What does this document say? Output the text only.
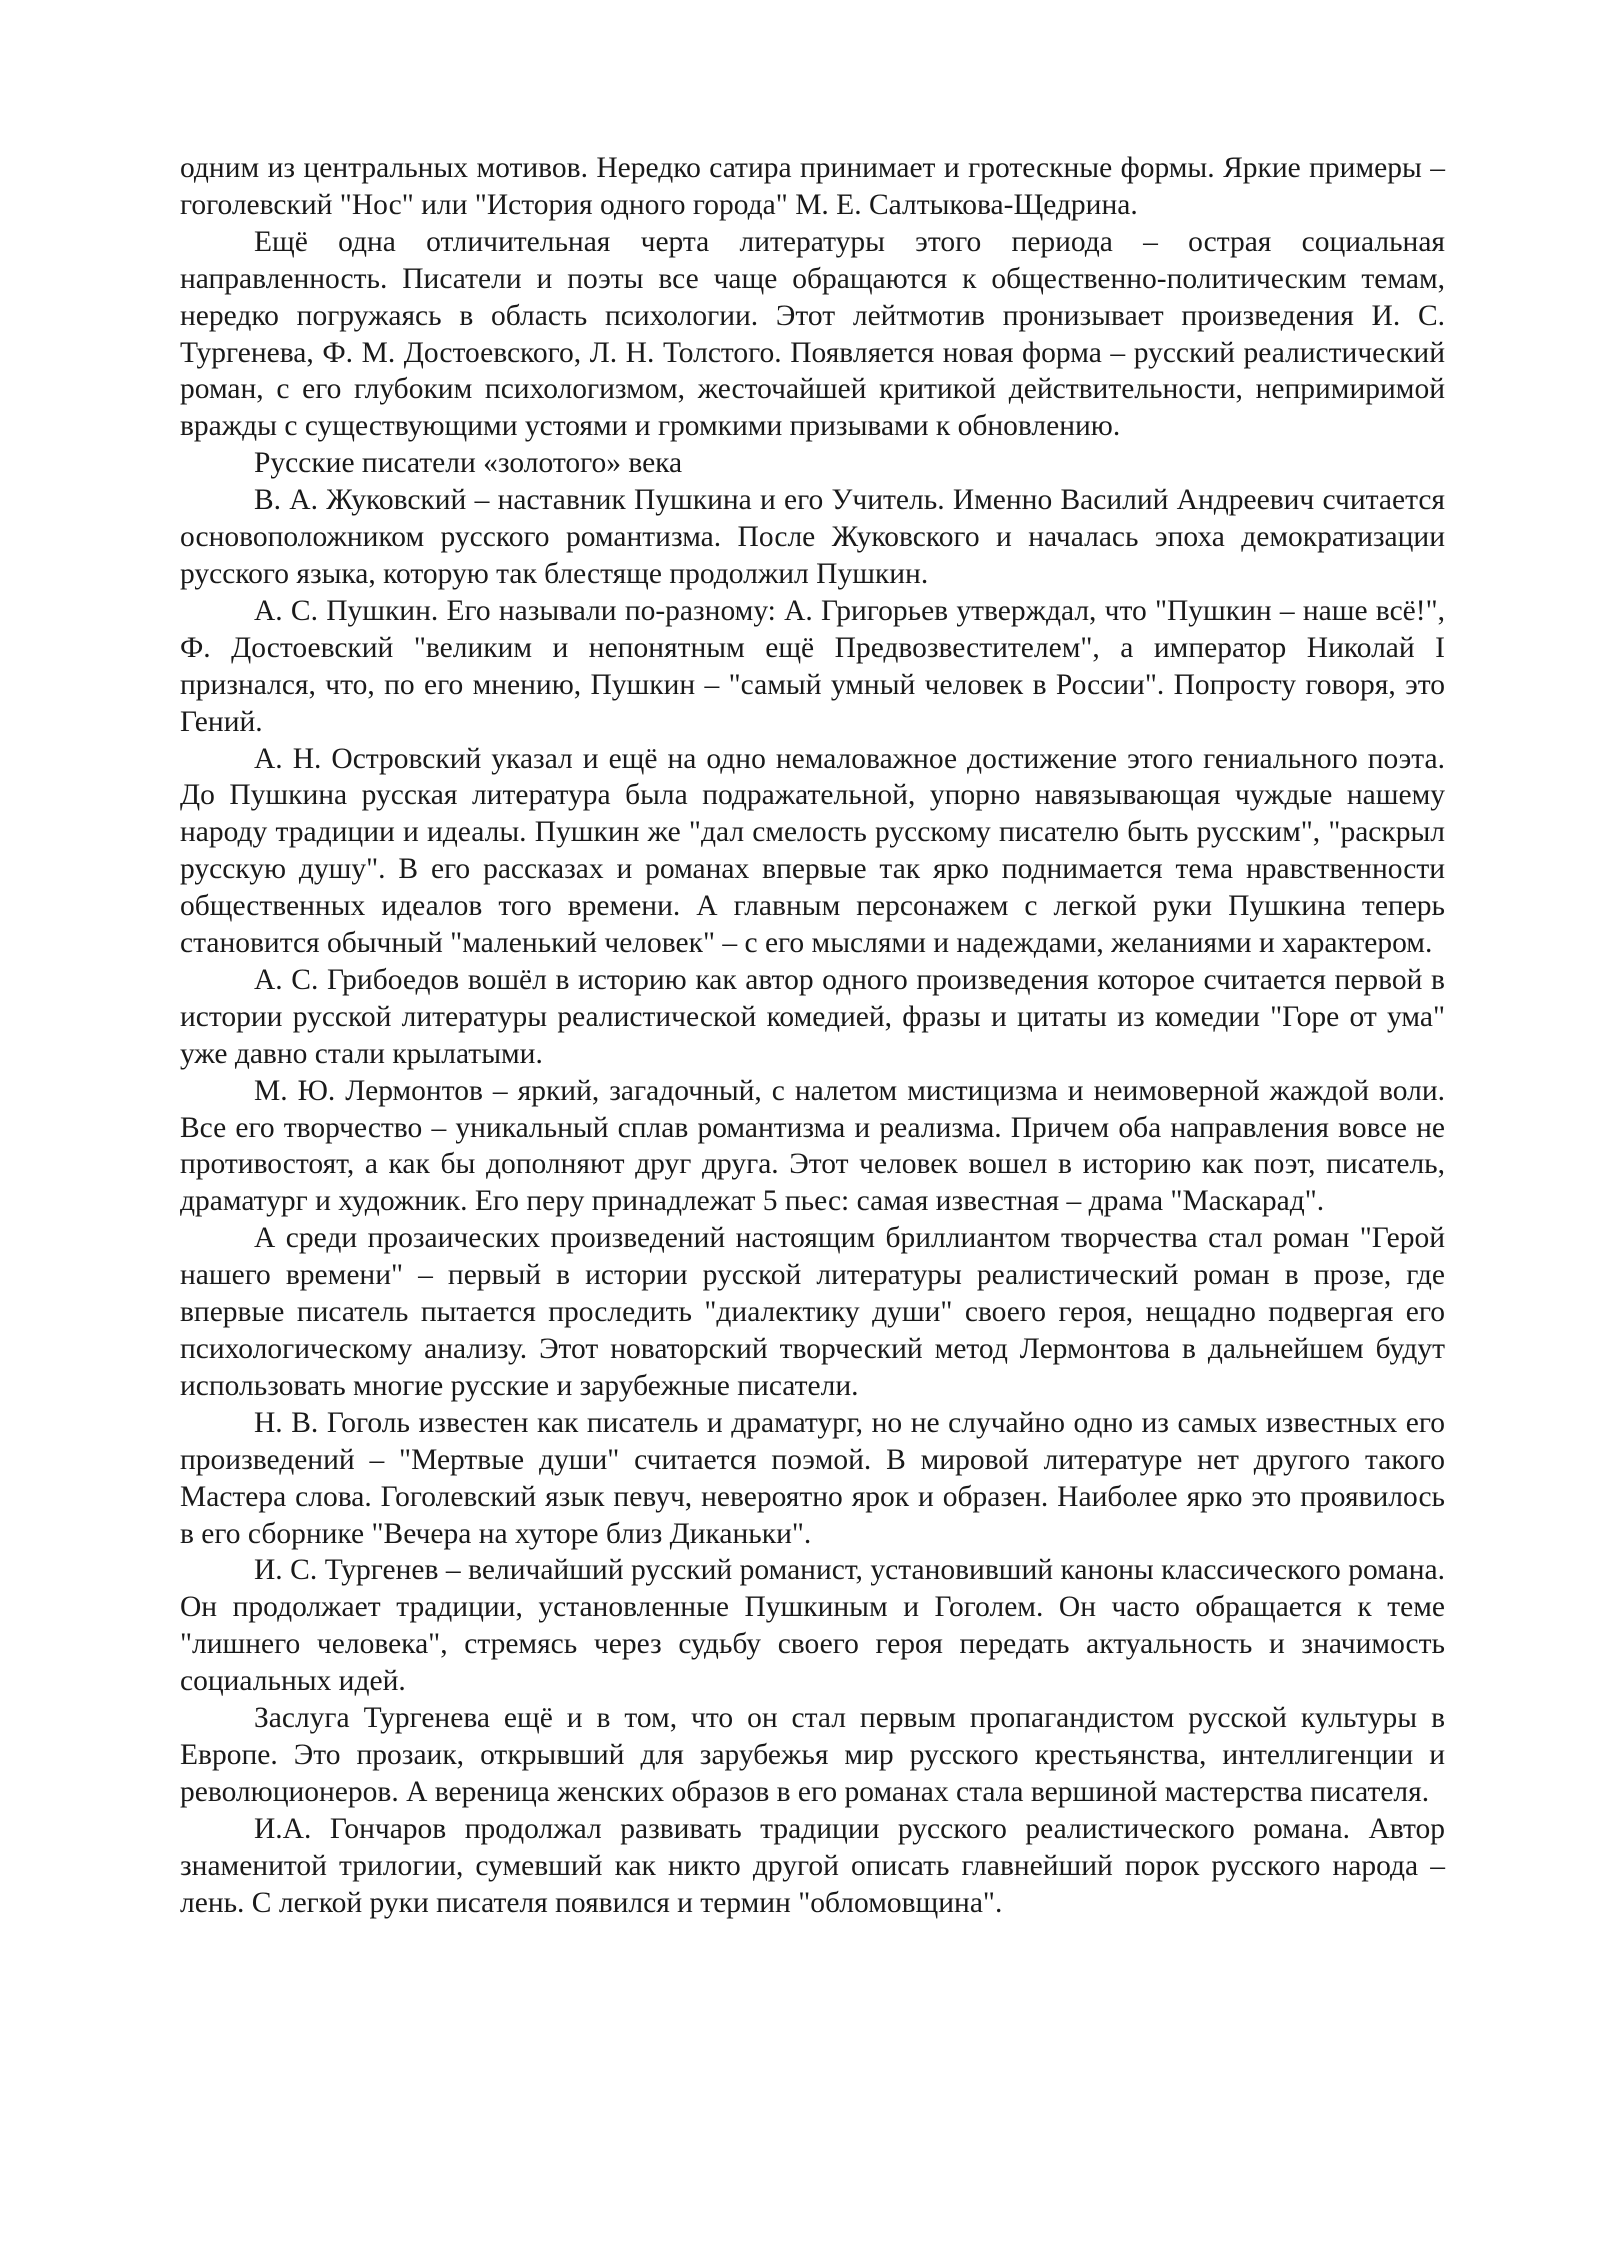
одним из центральных мотивов. Нередко сатира принимает и гротескные формы. Яркие примеры – гоголевский "Нос" или "История одного города" М. Е. Салтыкова-Щедрина.

Ещё одна отличительная черта литературы этого периода – острая социальная направленность. Писатели и поэты все чаще обращаются к общественно-политическим темам, нередко погружаясь в область психологии. Этот лейтмотив пронизывает произведения И. С. Тургенева, Ф. М. Достоевского, Л. Н. Толстого. Появляется новая форма – русский реалистический роман, с его глубоким психологизмом, жесточайшей критикой действительности, непримиримой вражды с существующими устоями и громкими призывами к обновлению.

Русские писатели «золотого» века

В. А. Жуковский – наставник Пушкина и его Учитель. Именно Василий Андреевич считается основоположником русского романтизма. После Жуковского и началась эпоха демократизации русского языка, которую так блестяще продолжил Пушкин.

А. С. Пушкин. Его называли по-разному: А. Григорьев утверждал, что "Пушкин – наше всё!", Ф. Достоевский "великим и непонятным ещё Предвозвестителем", а император Николай I признался, что, по его мнению, Пушкин – "самый умный человек в России". Попросту говоря, это Гений.

А. Н. Островский указал и ещё на одно немаловажное достижение этого гениального поэта. До Пушкина русская литература была подражательной, упорно навязывающая чуждые нашему народу традиции и идеалы. Пушкин же "дал смелость русскому писателю быть русским", "раскрыл русскую душу". В его рассказах и романах впервые так ярко поднимается тема нравственности общественных идеалов того времени. А главным персонажем с легкой руки Пушкина теперь становится обычный "маленький человек" – с его мыслями и надеждами, желаниями и характером.

А. С. Грибоедов вошёл в историю как автор одного произведения которое считается первой в истории русской литературы реалистической комедией, фразы и цитаты из комедии "Горе от ума" уже давно стали крылатыми.

М. Ю. Лермонтов – яркий, загадочный, с налетом мистицизма и неимоверной жаждой воли. Все его творчество – уникальный сплав романтизма и реализма. Причем оба направления вовсе не противостоят, а как бы дополняют друг друга. Этот человек вошел в историю как поэт, писатель, драматург и художник. Его перу принадлежат 5 пьес: самая известная – драма "Маскарад".

А среди прозаических произведений настоящим бриллиантом творчества стал роман "Герой нашего времени" – первый в истории русской литературы реалистический роман в прозе, где впервые писатель пытается проследить "диалектику души" своего героя, нещадно подвергая его психологическому анализу. Этот новаторский творческий метод Лермонтова в дальнейшем будут использовать многие русские и зарубежные писатели.

Н. В. Гоголь известен как писатель и драматург, но не случайно одно из самых известных его произведений – "Мертвые души" считается поэмой. В мировой литературе нет другого такого Мастера слова. Гоголевский язык певуч, невероятно ярок и образен. Наиболее ярко это проявилось в его сборнике "Вечера на хуторе близ Диканьки".

И. С. Тургенев – величайший русский романист, установивший каноны классического романа. Он продолжает традиции, установленные Пушкиным и Гоголем. Он часто обращается к теме "лишнего человека", стремясь через судьбу своего героя передать актуальность и значимость социальных идей.

Заслуга Тургенева ещё и в том, что он стал первым пропагандистом русской культуры в Европе. Это прозаик, открывший для зарубежья мир русского крестьянства, интеллигенции и революционеров. А вереница женских образов в его романах стала вершиной мастерства писателя.

И.А. Гончаров продолжал развивать традиции русского реалистического романа. Автор знаменитой трилогии, сумевший как никто другой описать главнейший порок русского народа – лень. С легкой руки писателя появился и термин "обломовщина".
